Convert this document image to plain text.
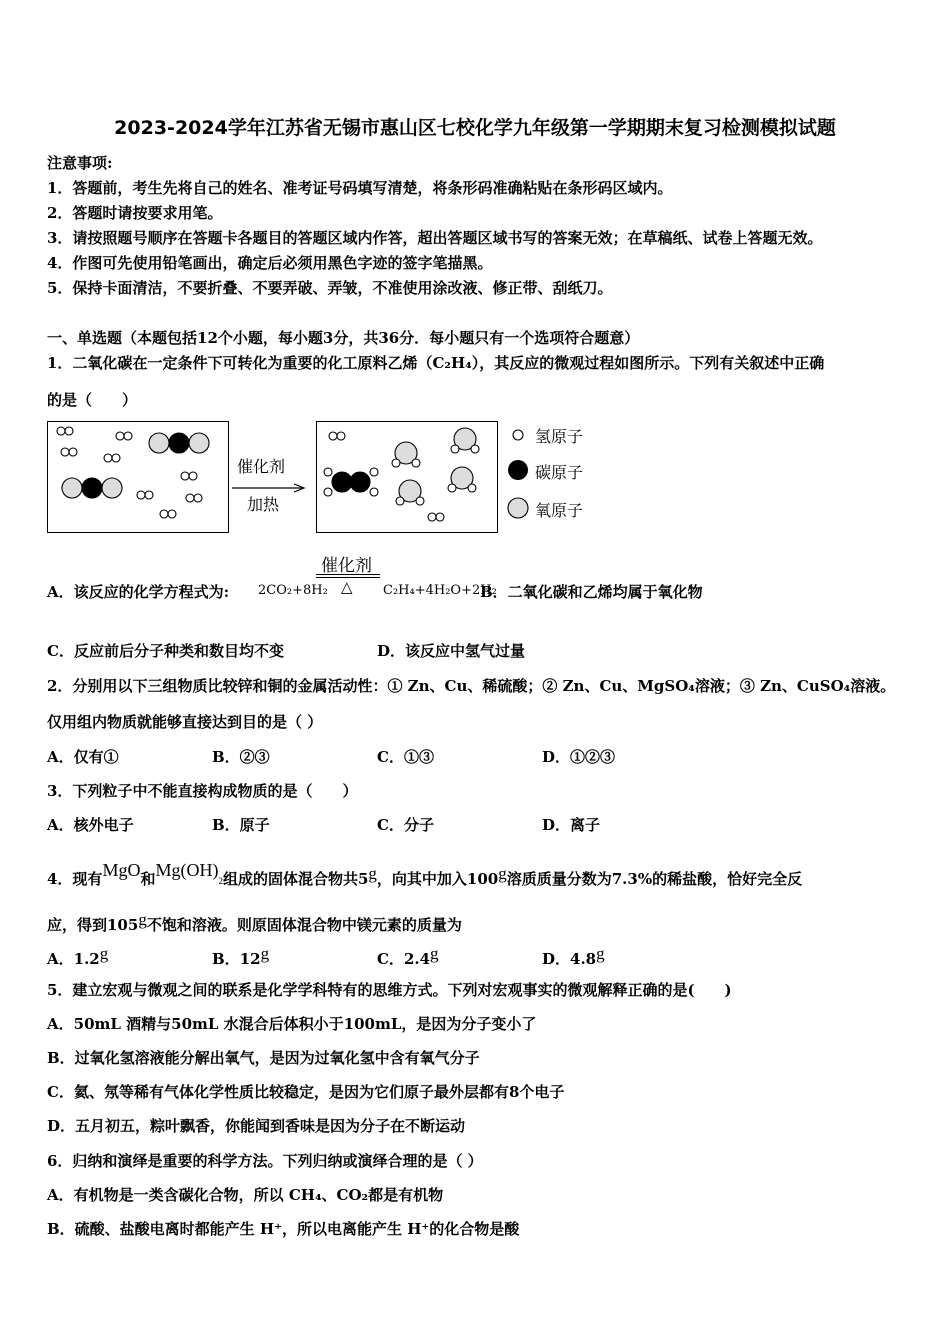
2023-2024学年江苏省无锡市惠山区七校化学九年级第一学期期末复习检测模拟试题
注意事项:
1．答题前，考生先将自己的姓名、准考证号码填写清楚，将条形码准确粘贴在条形码区域内。
2．答题时请按要求用笔。
3．请按照题号顺序在答题卡各题目的答题区域内作答，超出答题区域书写的答案无效；在草稿纸、试卷上答题无效。
4．作图可先使用铅笔画出，确定后必须用黑色字迹的签字笔描黑。
5．保持卡面清洁，不要折叠、不要弄破、弄皱，不准使用涂改液、修正带、刮纸刀。
一、单选题（本题包括12个小题，每小题3分，共36分．每小题只有一个选项符合题意）
1．二氧化碳在一定条件下可转化为重要的化工原料乙烯（C₂H₄），其反应的微观过程如图所示。下列有关叙述中正确
的是（　　）
催化剂
加热
氢原子
碳原子
氧原子
催化剂
△
A．该反应的化学方程式为: 2CO₂+8H₂	C₂H₄+4H₂O+2H₂
B．二氧化碳和乙烯均属于氧化物
C．反应前后分子种类和数目均不变	D．该反应中氢气过量
2．分别用以下三组物质比较锌和铜的金属活动性：① Zn、Cu、稀硫酸；② Zn、Cu、MgSO₄溶液；③ Zn、CuSO₄溶液。
仅用组内物质就能够直接达到目的是（ ）
A．仅有①	B．②③	C．①③	D．①②③
3．下列粒子中不能直接构成物质的是（　　）
A．核外电子	B．原子	C．分子	D．离子
4．现有MgO和Mg(OH)2组成的固体混合物共5g，向其中加入100g溶质质量分数为7.3%的稀盐酸，恰好完全反
应，得到105g不饱和溶液。则原固体混合物中镁元素的质量为
A．1.2g	B．12g	C．2.4g	D．4.8g
5．建立宏观与微观之间的联系是化学学科特有的思维方式。下列对宏观事实的微观解释正确的是(　　)
A．50mL 酒精与50mL 水混合后体积小于100mL，是因为分子变小了
B．过氧化氢溶液能分解出氧气，是因为过氧化氢中含有氧气分子
C．氦、氖等稀有气体化学性质比较稳定，是因为它们原子最外层都有8个电子
D．五月初五，粽叶飘香，你能闻到香味是因为分子在不断运动
6．归纳和演绎是重要的科学方法。下列归纳或演绎合理的是（ ）
A．有机物是一类含碳化合物，所以 CH₄、CO₂都是有机物
B．硫酸、盐酸电离时都能产生 H⁺，所以电离能产生 H⁺的化合物是酸
